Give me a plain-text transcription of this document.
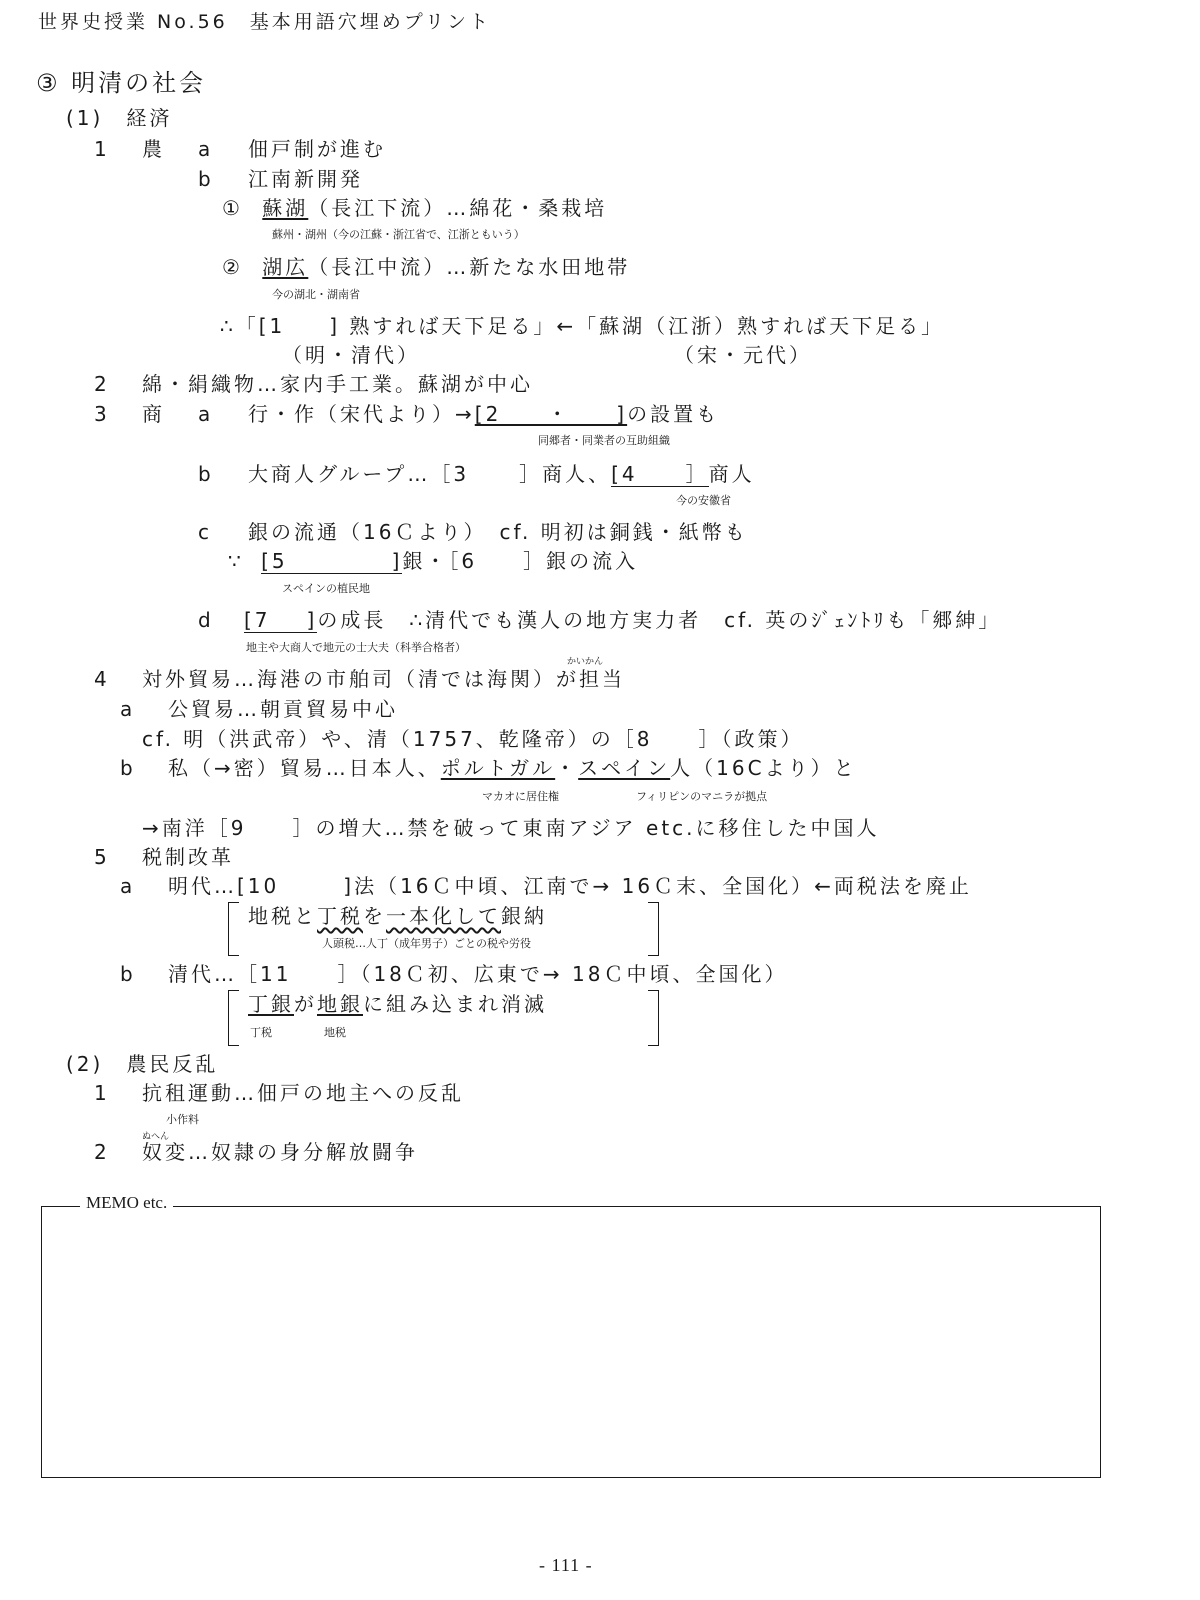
世界史授業 No.56　基本用語穴埋めプリント
③ 明清の社会
(1)　経済
1 農 a 佃戸制が進む
b 江南新開発
① 蘇湖（長江下流）…綿花・桑栽培
蘇州・湖州（今の江蘇・浙江省で、江浙ともいう）
② 湖広（長江中流）…新たな水田地帯
今の湖北・湖南省
∴「[1 ] 熟すれば天下足る」←「蘇湖（江浙）熟すれば天下足る」
（明・清代）	（宋・元代）
2 綿・絹織物…家内手工業。蘇湖が中心
3 商 a 行・作（宋代より）→[2　　・　　]の設置も
同郷者・同業者の互助組織
b 大商人グループ…［3	］商人、[4 ］商人
今の安徽省
c 銀の流通（16Ｃより）　cf. 明初は銅銭・紙幣も
∵ [5	]銀・［6　　］銀の流入
スペインの植民地
d [7 ]の成長　∴清代でも漢人の地方実力者　cf. 英のｼﾞｪﾝﾄﾘも「郷紳」
地主や大商人で地元の士大夫（科挙合格者）
かいかん
4 対外貿易…海港の市舶司（清では海関）が担当
a 公貿易…朝貢貿易中心
cf. 明（洪武帝）や、清（1757、乾隆帝）の［8　　］（政策）
b 私（→密）貿易…日本人、ポルトガル・スペイン人（16Cより）と
マカオに居住権	フィリピンのマニラが拠点
→南洋［9　　］の増大…禁を破って東南アジア etc.に移住した中国人
5 税制改革
a 明代…[10	]法（16Ｃ中頃、江南で→ 16Ｃ末、全国化）←両税法を廃止
地税と丁税を一本化して銀納
人頭税…人丁（成年男子）ごとの税や労役
b 清代…［11　　］（18Ｃ初、広東で→ 18Ｃ中頃、全国化）
丁銀が地銀に組み込まれ消滅
丁税	地税
(2)　農民反乱
1 抗租運動…佃戸の地主への反乱
小作料
ぬへん
2 奴変…奴隷の身分解放闘争
MEMO etc.
- 111 -
